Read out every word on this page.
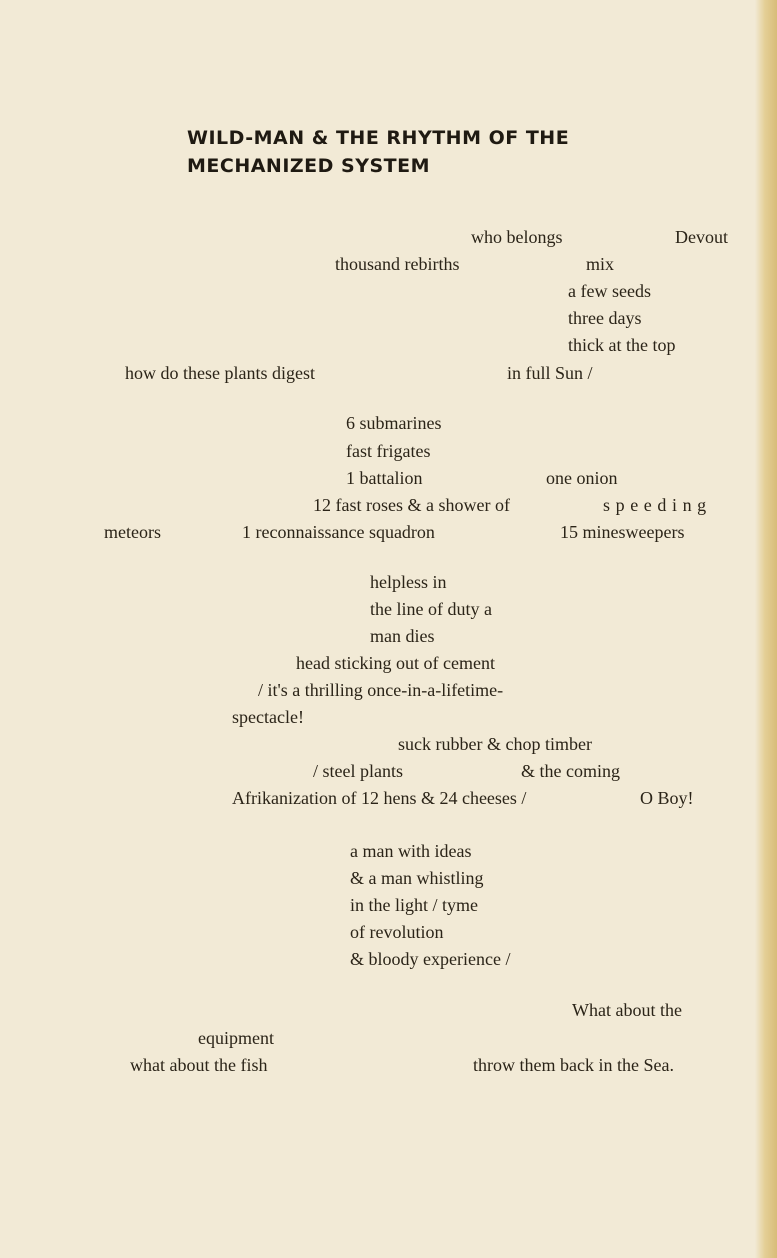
WILD-MAN & THE RHYTHM OF THE
MECHANIZED SYSTEM

who belongs	Devout

thousand rebirths	mix

a few seeds

three days

thick at the top

how do these plants digest	in full Sun /

6 submarines

fast frigates

1 battalion	one onion

12 fast roses & a shower of	speeding

meteors	1 reconnaissance squadron	15 minesweepers

helpless in

the line of duty a

man dies

head sticking out of cement

/ it's a thrilling once-in-a-lifetime-

spectacle!

suck rubber & chop timber

/ steel plants	& the coming

Afrikanization of 12 hens & 24 cheeses /	O Boy!

a man with ideas

& a man whistling

in the light / tyme

of revolution

& bloody experience /

What about the

equipment

what about the fish	throw them back in the Sea.
